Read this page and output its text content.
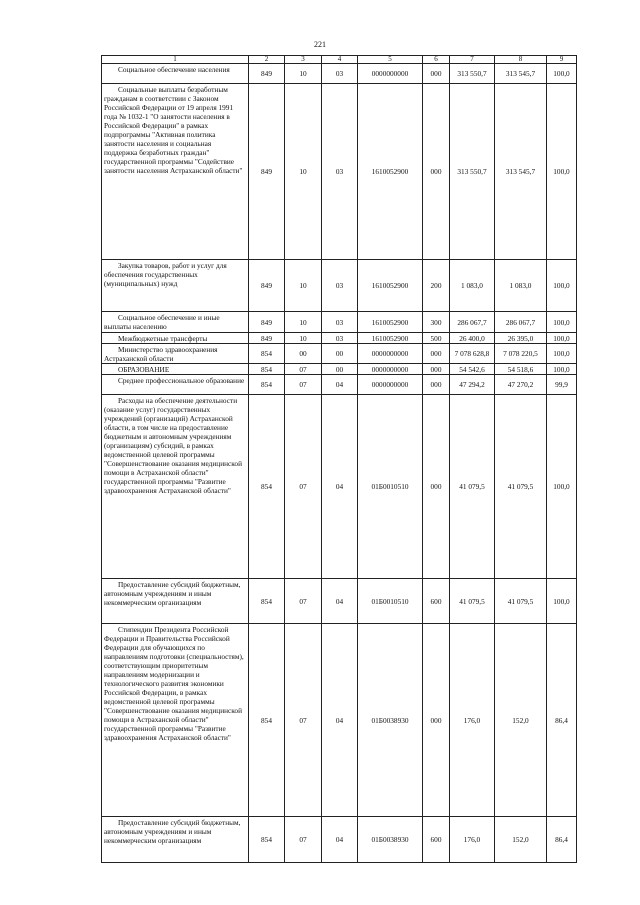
221
1	2	3	4	5	6	7	8	9

Социальное обеспечение населения	849	10	03	0000000000	000	313 550,7	313 545,7	100,0

Социальные выплаты безработным гражданам в соответствии с Законом Российской Федерации от 19 апреля 1991 года № 1032-1 "О занятости населения в Российской Федерации" в рамках подпрограммы "Активная политика занятости населения и социальная поддержка безработных граждан" государственной программы "Содействие занятости населения Астраханской области"	849	10	03	1610052900	000	313 550,7	313 545,7	100,0

Закупка товаров, работ и услуг для обеспечения государственных (муниципальных) нужд	849	10	03	1610052900	200	1 083,0	1 083,0	100,0

Социальное обеспечение и иные выплаты населению	849	10	03	1610052900	300	286 067,7	286 067,7	100,0

Межбюджетные трансферты	849	10	03	1610052900	500	26 400,0	26 395,0	100,0

Министерство здравоохранения Астраханской области	854	00	00	0000000000	000	7 078 628,8	7 078 220,5	100,0

ОБРАЗОВАНИЕ	854	07	00	0000000000	000	54 542,6	54 518,6	100,0

Среднее профессиональное образование	854	07	04	0000000000	000	47 294,2	47 270,2	99,9

Расходы на обеспечение деятельности (оказание услуг) государственных учреждений (организаций) Астраханской области, в том числе на предоставление бюджетным и автономным учреждениям (организациям) субсидий, в рамках ведомственной целевой программы "Совершенствование оказания медицинской помощи в Астраханской области" государственной программы "Развитие здравоохранения Астраханской области"	854	07	04	01Б0010510	000	41 079,5	41 079,5	100,0

Предоставление субсидий бюджетным, автономным учреждениям и иным некоммерческим организациям	854	07	04	01Б0010510	600	41 079,5	41 079,5	100,0

Стипендии Президента Российской Федерации и Правительства Российской Федерации для обучающихся по направлениям подготовки (специальностям), соответствующим приоритетным направлениям модернизации и технологического развития экономики Российской Федерации, в рамках ведомственной целевой программы "Совершенствование оказания медицинской помощи в Астраханской области" государственной программы "Развитие здравоохранения Астраханской области"	854	07	04	01Б0038930	000	176,0	152,0	86,4

Предоставление субсидий бюджетным, автономным учреждениям и иным некоммерческим организациям	854	07	04	01Б0038930	600	176,0	152,0	86,4
